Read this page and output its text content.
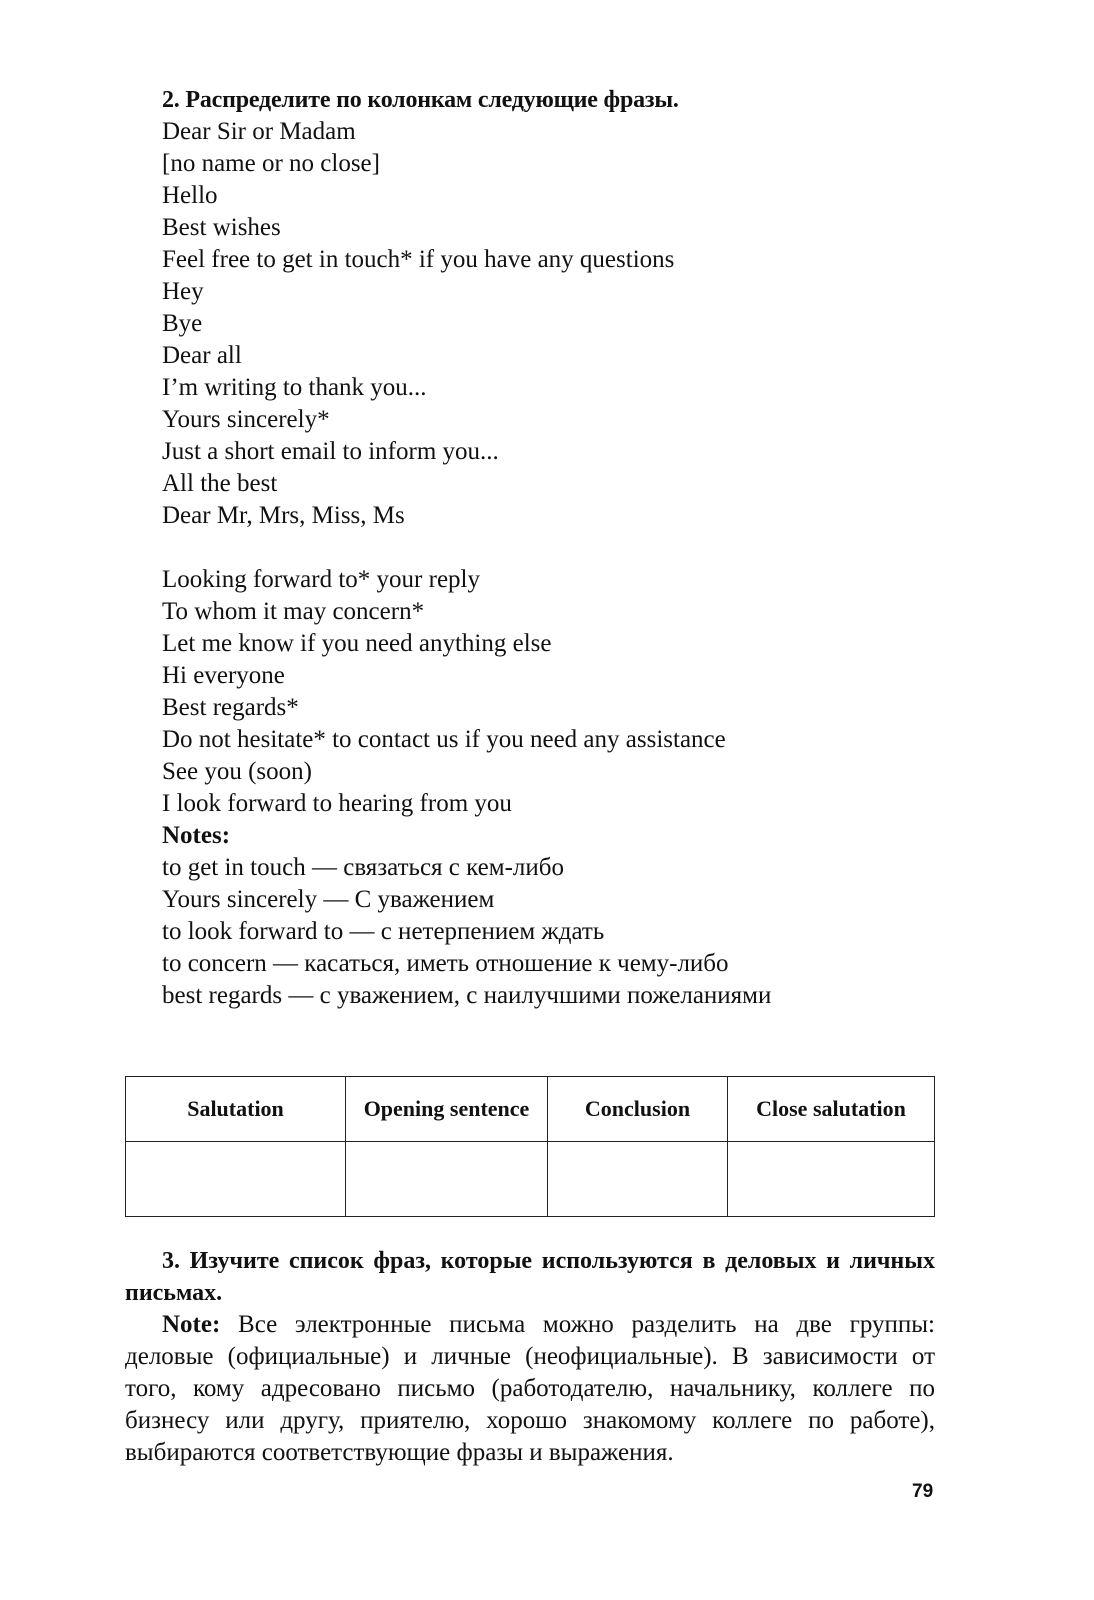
2. Распределите по колонкам следующие фразы.

Dear Sir or Madam
[no name or no close]
Hello
Best wishes
Feel free to get in touch* if you have any questions
Hey
Bye
Dear all
I’m writing to thank you...
Yours sincerely*
Just a short email to inform you...
All the best
Dear Mr, Mrs, Miss, Ms
Looking forward to* your reply
To whom it may concern*
Let me know if you need anything else
Hi everyone
Best regards*
Do not hesitate* to contact us if you need any assistance
See you (soon)
I look forward to hearing from you
Notes:
to get in touch — связаться с кем-либо
Yours sincerely — С уважением
to look forward to — с нетерпением ждать
to concern — касаться, иметь отношение к чему-либо
best regards — с уважением, с наилучшими пожеланиями
Salutation	Opening sentence	Conclusion	Close salutation

3. Изучите список фраз, которые используются в деловых и личных письмах.

Note: Все электронные письма можно разделить на две группы: деловые (официальные) и личные (неофициальные). В зависимости от того, кому адресовано письмо (работодателю, начальнику, коллеге по бизнесу или другу, приятелю, хорошо знакомому коллеге по работе), выбираются соответствующие фразы и выражения.

79
